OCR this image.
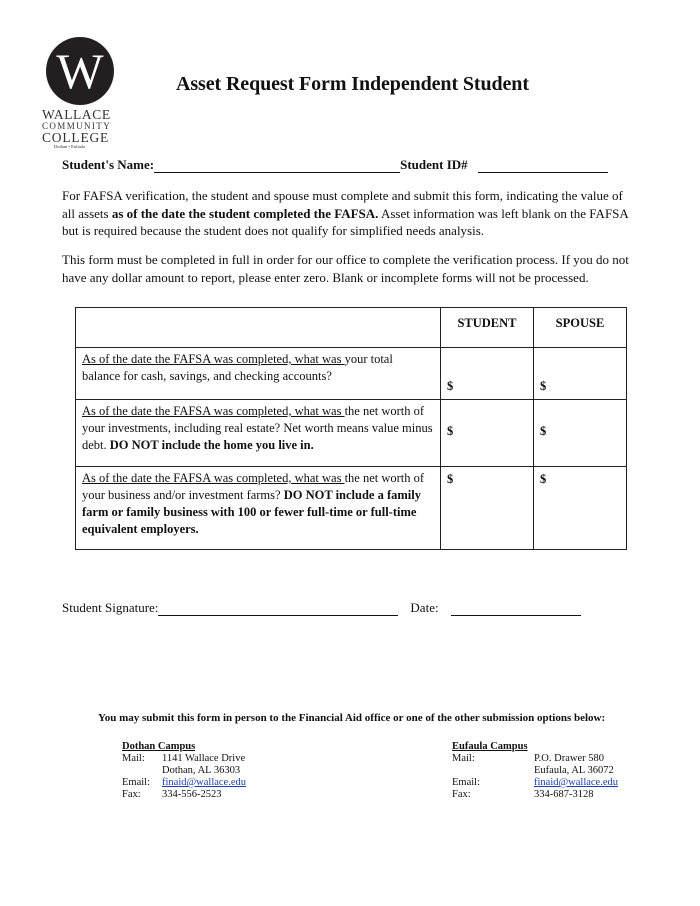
W
WALLACE
COMMUNITY
COLLEGE
Dothan • Eufaula
Asset Request Form Independent Student
Student's Name:	Student ID#

For FAFSA verification, the student and spouse must complete and submit this form, indicating the value of all assets as of the date the student completed the FAFSA. Asset information was left blank on the FAFSA but is required because the student does not qualify for simplified needs analysis.

This form must be completed in full in order for our office to complete the verification process. If you do not have any dollar amount to report, please enter zero. Blank or incomplete forms will not be processed.

	STUDENT	SPOUSE
As of the date the FAFSA was completed, what was your total balance for cash, savings, and checking accounts?	$	$
As of the date the FAFSA was completed, what was the net worth of your investments, including real estate? Net worth means value minus debt. DO NOT include the home you live in.	$	$
As of the date the FAFSA was completed, what was the net worth of your business and/or investment farms? DO NOT include a family farm or family business with 100 or fewer full-time or full-time equivalent employers.	$	$
Student Signature:	Date:
You may submit this form in person to the Financial Aid office or one of the other submission options below:
Dothan Campus
Mail:	1141 Wallace Drive
Dothan, AL 36303
Email:	finaid@wallace.edu
Fax:	334-556-2523
Eufaula Campus
Mail:	P.O. Drawer 580
Eufaula, AL 36072
Email:	finaid@wallace.edu
Fax:	334-687-3128
